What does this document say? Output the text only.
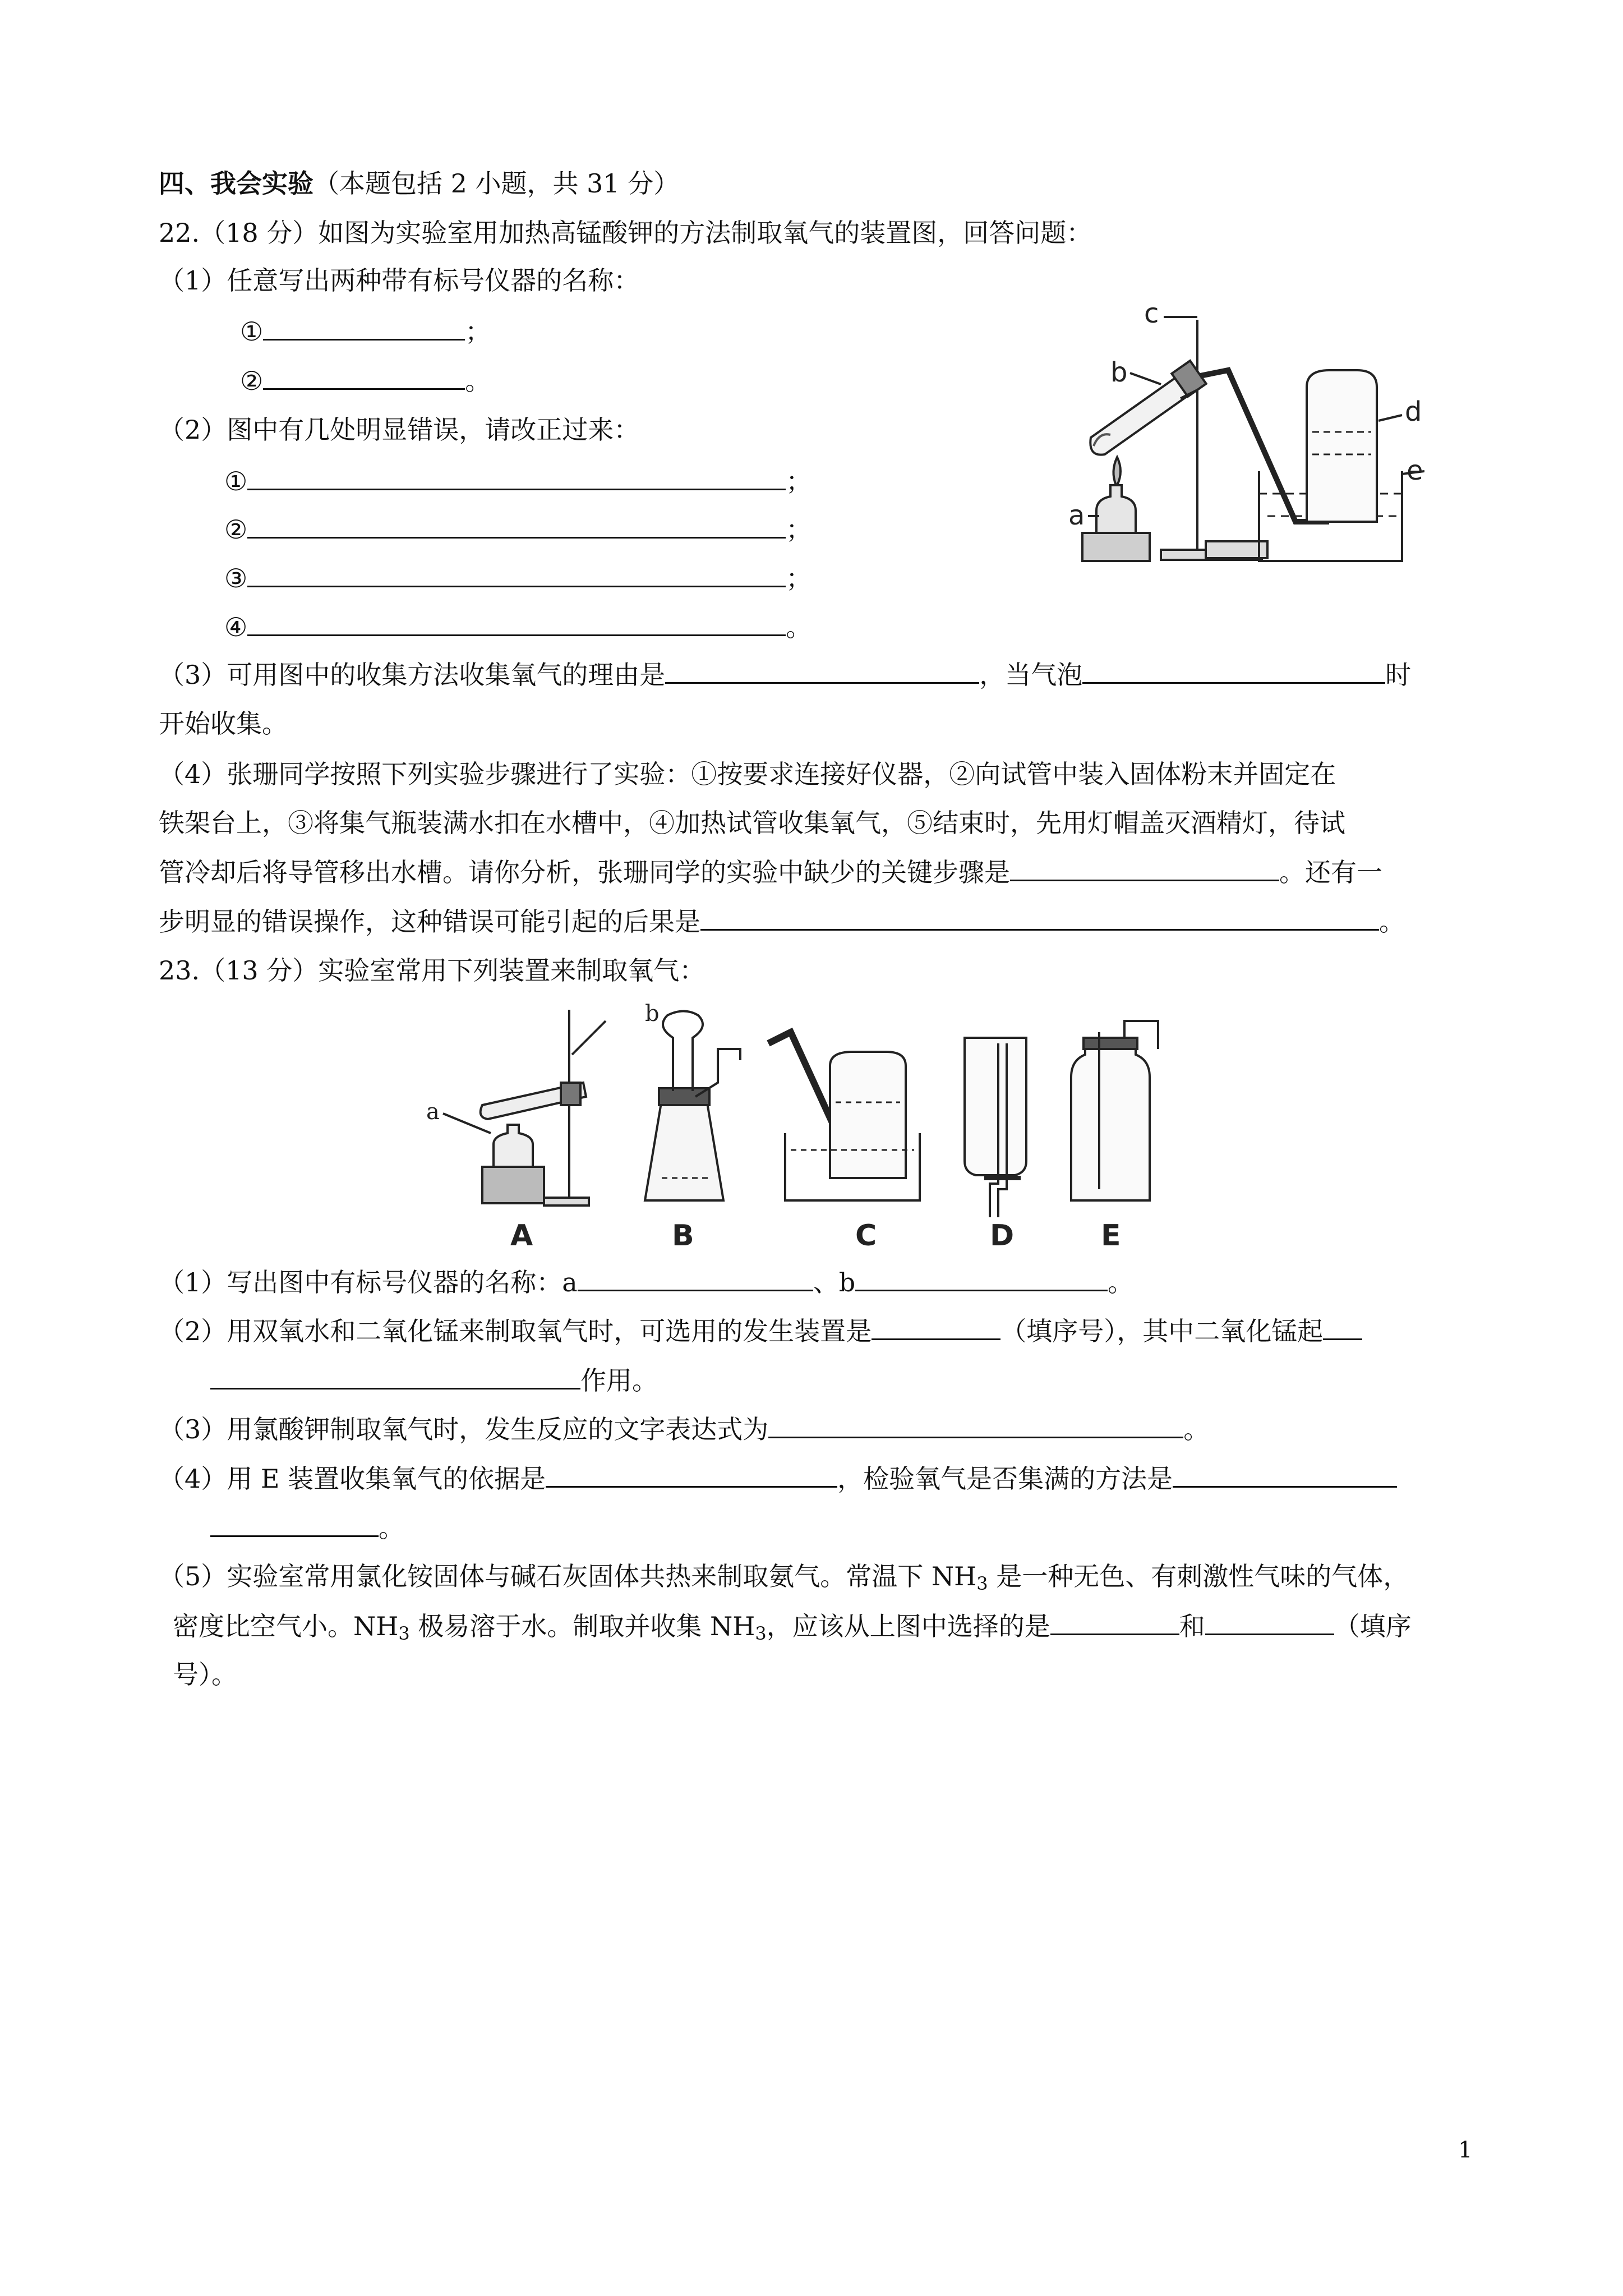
四、我会实验（本题包括 2 小题，共 31 分）
22.（18 分）如图为实验室用加热高锰酸钾的方法制取氧气的装置图，回答问题：
（1）任意写出两种带有标号仪器的名称：
①	；
②	。
（2）图中有几处明显错误，请改正过来：
①	；
②	；
③	；
④	。
c
b
d
e
a
（3）可用图中的收集方法收集氧气的理由是	，当气泡	时
开始收集。
（4）张珊同学按照下列实验步骤进行了实验：①按要求连接好仪器，②向试管中装入固体粉末并固定在
铁架台上，③将集气瓶装满水扣在水槽中，④加热试管收集氧气，⑤结束时，先用灯帽盖灭酒精灯，待试
管冷却后将导管移出水槽。请你分析，张珊同学的实验中缺少的关键步骤是	。还有一
步明显的错误操作，这种错误可能引起的后果是	。
23.（13 分）实验室常用下列装置来制取氧气：
a
b
A	B	C	D	E
（1）写出图中有标号仪器的名称：a	、b	。
（2）用双氧水和二氧化锰来制取氧气时，可选用的发生装置是	（填序号），其中二氧化锰起
作用。
（3）用氯酸钾制取氧气时，发生反应的文字表达式为	。
（4）用 E 装置收集氧气的依据是	，检验氧气是否集满的方法是
。
（5）实验室常用氯化铵固体与碱石灰固体共热来制取氨气。常温下 $NH_3$ 是一种无色、有刺激性气味的气体，
密度比空气小。$NH_3$ 极易溶于水。制取并收集 $NH_3$，应该从上图中选择的是	和	（填序
号）。
1
